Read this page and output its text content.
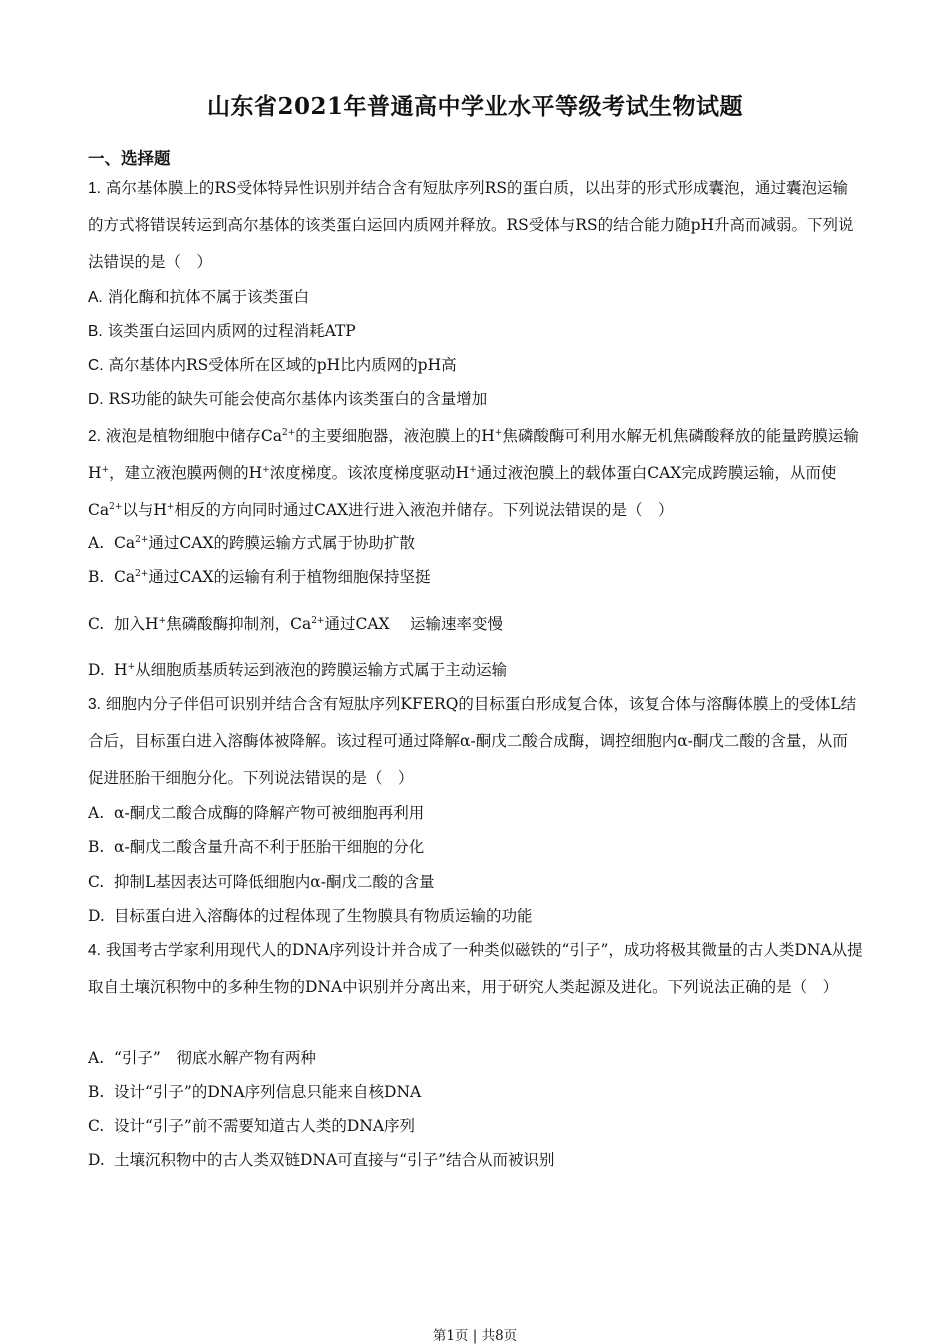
山东省2021年普通高中学业水平等级考试生物试题
一、选择题
1. 高尔基体膜上的RS受体特异性识别并结合含有短肽序列RS的蛋白质，以出芽的形式形成囊泡，通过囊泡运输的方式将错误转运到高尔基体的该类蛋白运回内质网并释放。RS受体与RS的结合能力随pH升高而减弱。下列说法错误的是（　）
A. 消化酶和抗体不属于该类蛋白
B. 该类蛋白运回内质网的过程消耗ATP
C. 高尔基体内RS受体所在区域的pH比内质网的pH高
D. RS功能的缺失可能会使高尔基体内该类蛋白的含量增加
2. 液泡是植物细胞中储存$Ca^{2+}$的主要细胞器，液泡膜上的H+焦磷酸酶可利用水解无机焦磷酸释放的能量跨膜运输H+，建立液泡膜两侧的H+浓度梯度。该浓度梯度驱动H+通过液泡膜上的载体蛋白CAX完成跨膜运输，从而使$Ca^{2+}$以与H+相反的方向同时通过CAX进行进入液泡并储存。下列说法错误的是（　）
A. $Ca^{2+}$通过CAX的跨膜运输方式属于协助扩散
B. $Ca^{2+}$通过CAX的运输有利于植物细胞保持坚挺
C. 加入H+焦磷酸酶抑制剂，$Ca^{2+}$通过CAX　 运输速率变慢
D. H+从细胞质基质转运到液泡的跨膜运输方式属于主动运输
3. 细胞内分子伴侣可识别并结合含有短肽序列KFERQ的目标蛋白形成复合体，该复合体与溶酶体膜上的受体L结合后，目标蛋白进入溶酶体被降解。该过程可通过降解α-酮戊二酸合成酶，调控细胞内α-酮戊二酸的含量，从而促进胚胎干细胞分化。下列说法错误的是（　）
A. α-酮戊二酸合成酶的降解产物可被细胞再利用
B. α-酮戊二酸含量升高不利于胚胎干细胞的分化
C. 抑制L基因表达可降低细胞内α-酮戊二酸的含量
D. 目标蛋白进入溶酶体的过程体现了生物膜具有物质运输的功能
4. 我国考古学家利用现代人的DNA序列设计并合成了一种类似磁铁的“引子”，成功将极其微量的古人类DNA从提取自土壤沉积物中的多种生物的DNA中识别并分离出来，用于研究人类起源及进化。下列说法正确的是（　）
A. “引子”　彻底水解产物有两种
B. 设计“引子”的DNA序列信息只能来自核DNA
C. 设计“引子”前不需要知道古人类的DNA序列
D. 土壤沉积物中的古人类双链DNA可直接与“引子”结合从而被识别
第1页 | 共8页
